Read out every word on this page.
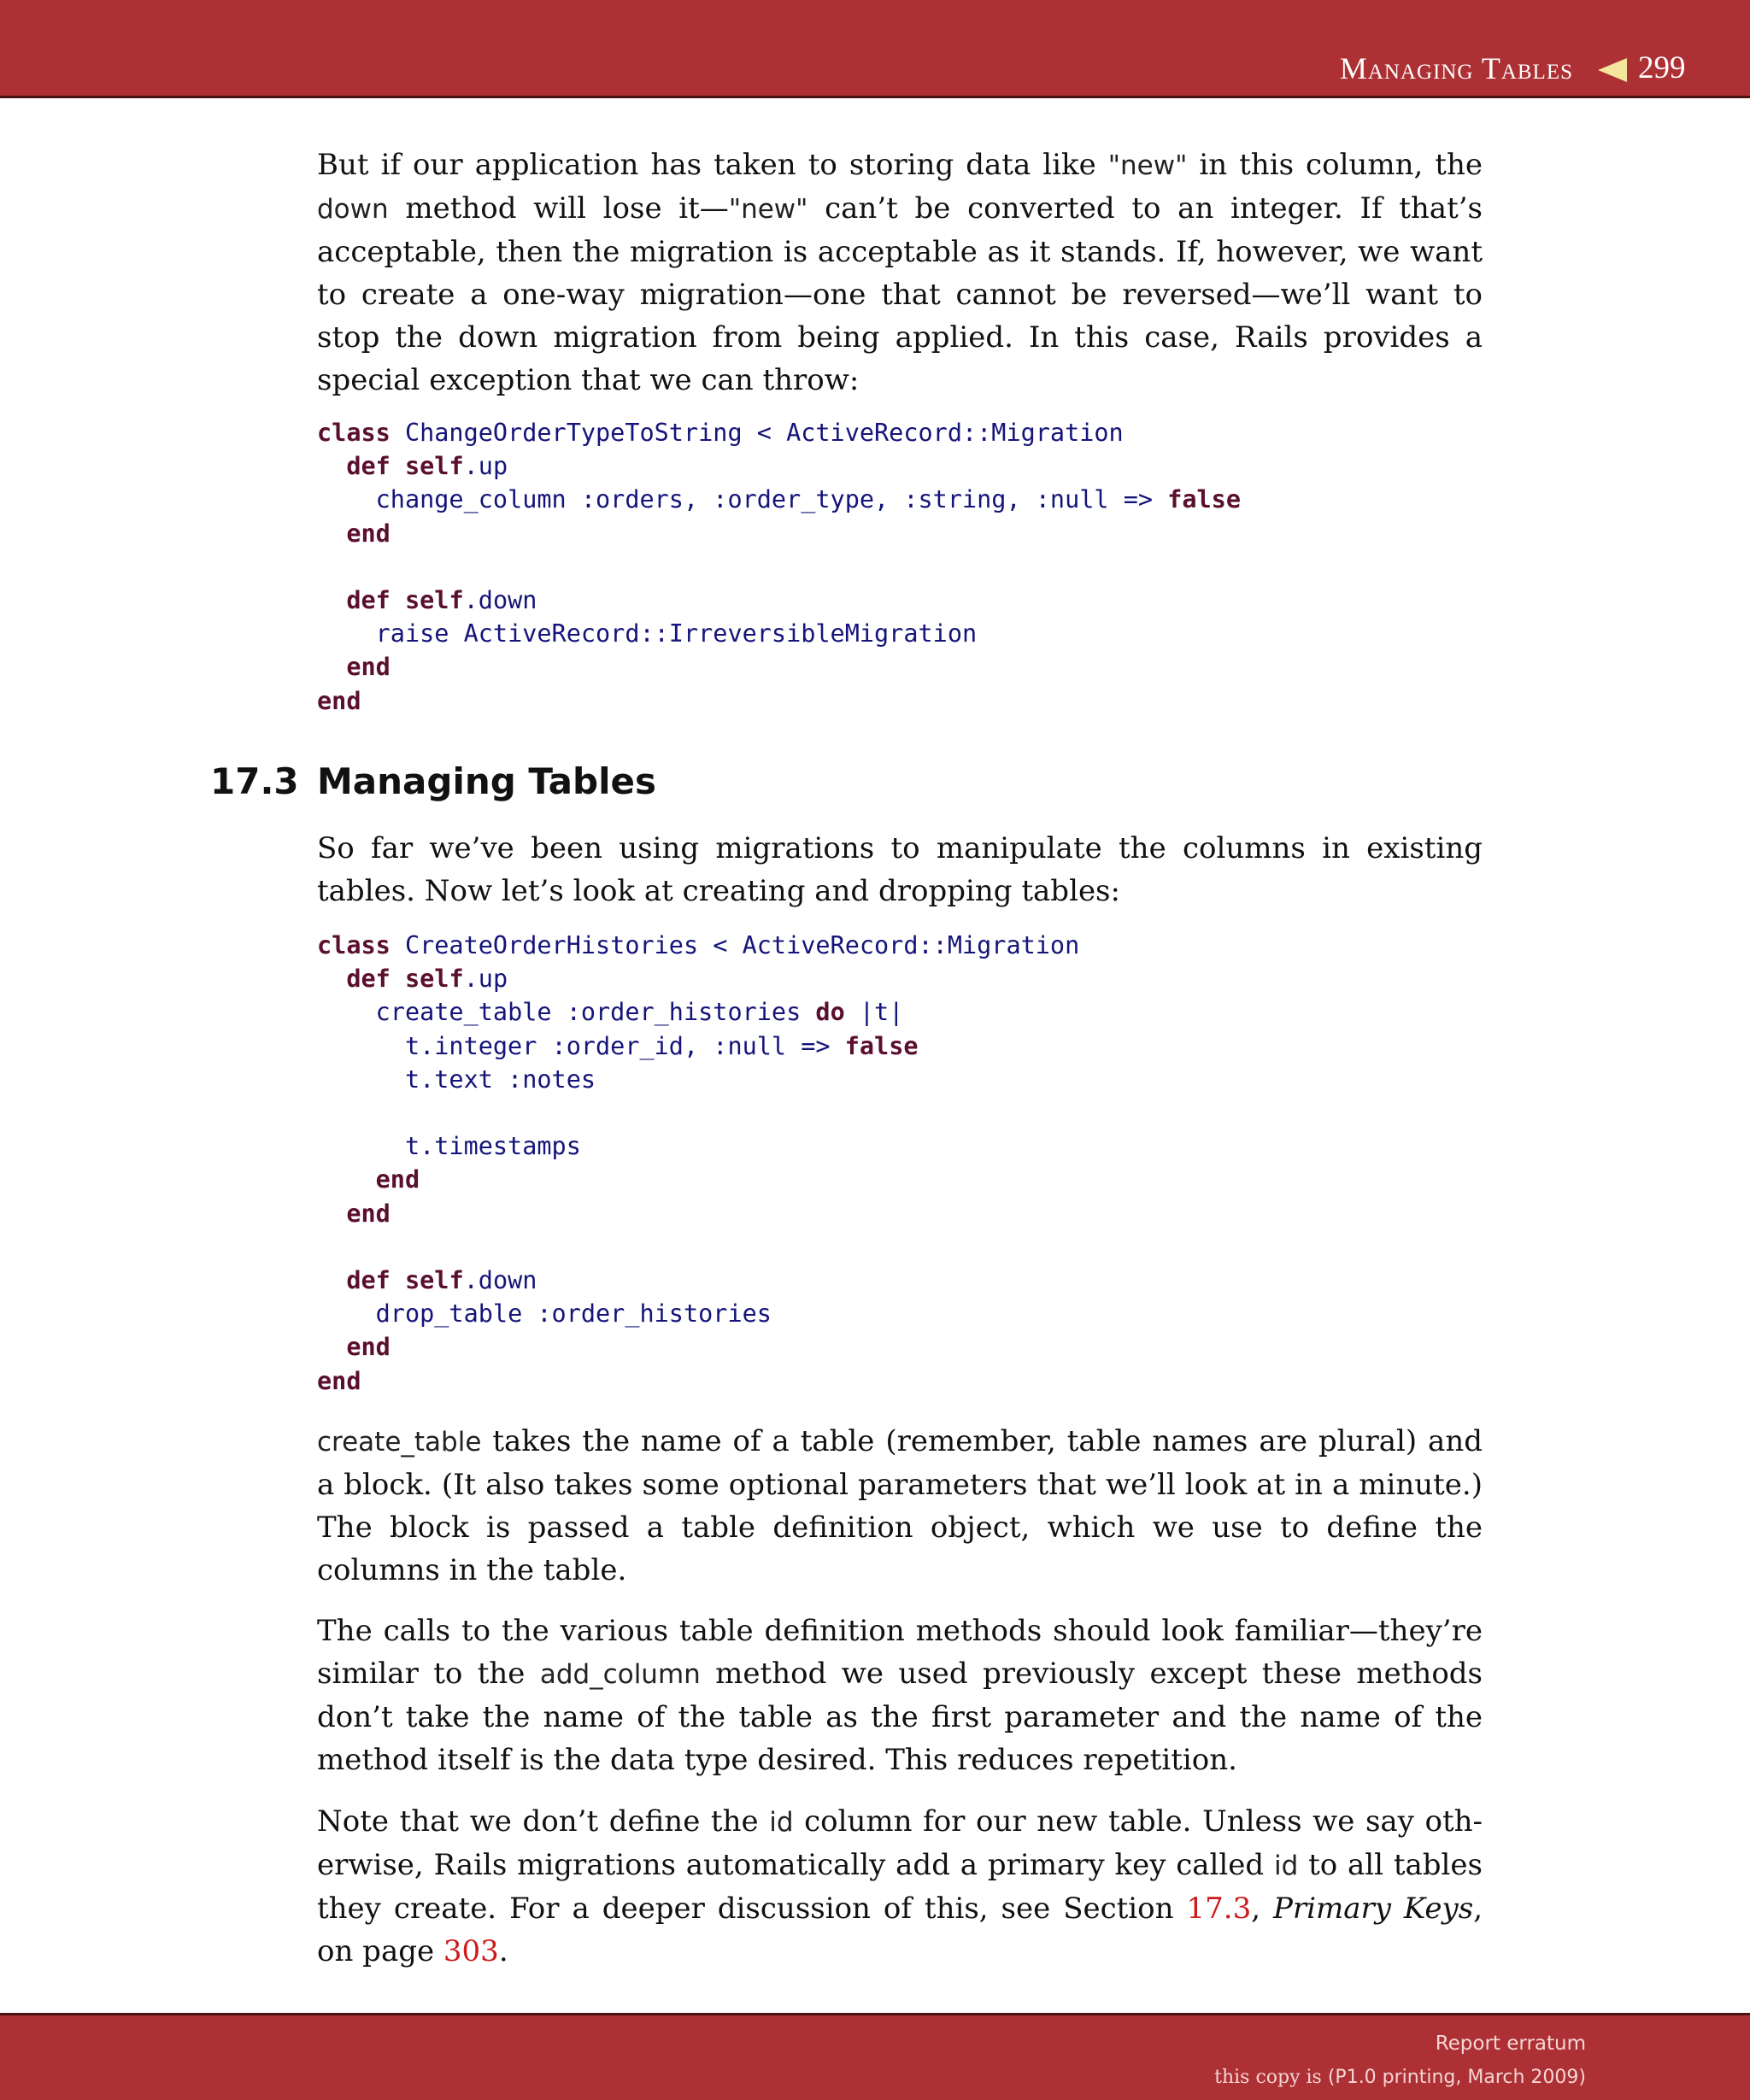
Managing Tables 299

But if our application has taken to storing data like "new" in this column, the down method will lose it—"new" can’t be converted to an integer. If that’s acceptable, then the migration is acceptable as it stands. If, however, we want to create a one-way migration—one that cannot be reversed—we’ll want to stop the down migration from being applied. In this case, Rails provides a special exception that we can throw:

class ChangeOrderTypeToString < ActiveRecord::Migration
def self.up
change_column :orders, :order_type, :string, :null => false
end

def self.down
raise ActiveRecord::IrreversibleMigration
end
end
17.3 Managing Tables

So far we’ve been using migrations to manipulate the columns in existing tables. Now let’s look at creating and dropping tables:

class CreateOrderHistories < ActiveRecord::Migration
def self.up
create_table :order_histories do |t|
t.integer :order_id, :null => false
t.text :notes

t.timestamps
end
end

def self.down
drop_table :order_histories
end
end

create_table takes the name of a table (remember, table names are plural) and a block. (It also takes some optional parameters that we’ll look at in a minute.) The block is passed a table definition object, which we use to define the columns in the table.

The calls to the various table definition methods should look familiar—they’re similar to the add_column method we used previously except these methods don’t take the name of the table as the first parameter and the name of the method itself is the data type desired. This reduces repetition.

Note that we don’t define the id column for our new table. Unless we say oth-erwise, Rails migrations automatically add a primary key called id to all tables they create. For a deeper discussion of this, see Section 17.3, Primary Keys, on page 303.

Report erratum
this copy is (P1.0 printing, March 2009)
